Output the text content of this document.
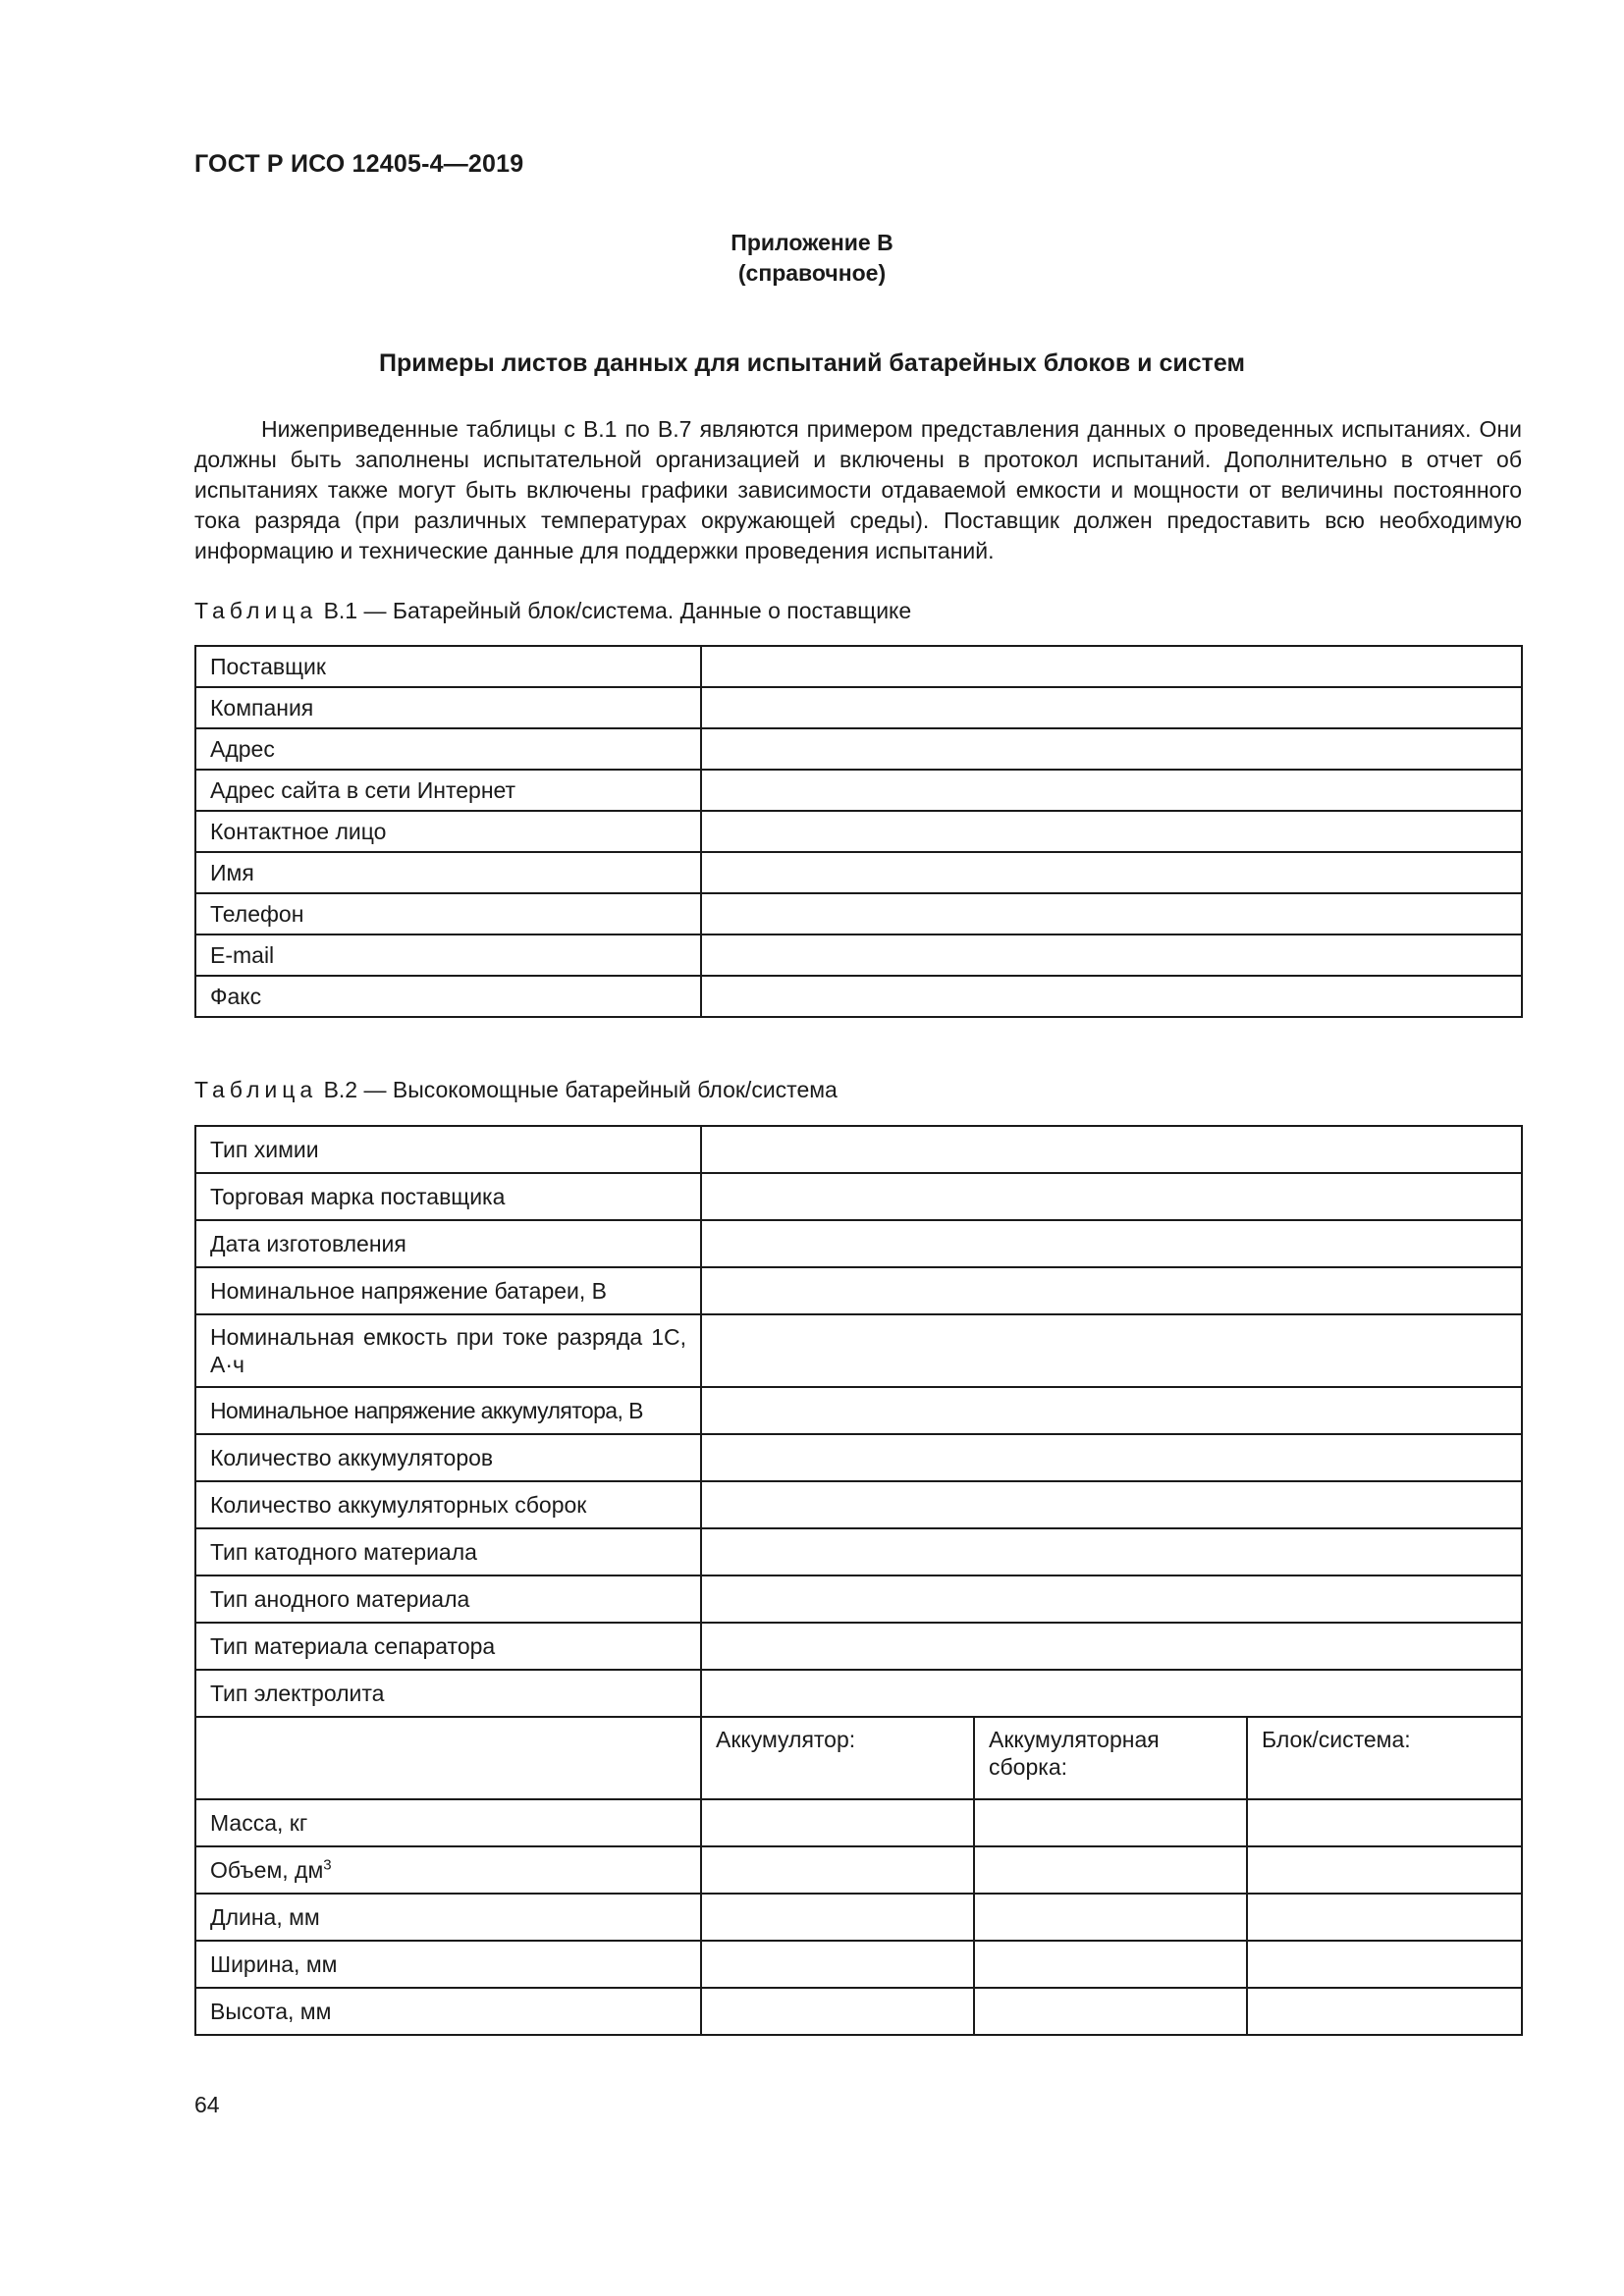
ГОСТ Р ИСО 12405-4—2019
Приложение В
(справочное)
Примеры листов данных для испытаний батарейных блоков и систем

Нижеприведенные таблицы с В.1 по В.7 являются примером представления данных о проведенных испытаниях. Они должны быть заполнены испытательной организацией и включены в протокол испытаний. Дополнительно в отчет об испытаниях также могут быть включены графики зависимости отдаваемой емкости и мощности от величины постоянного тока разряда (при различных температурах окружающей среды). Поставщик должен предоставить всю необходимую информацию и технические данные для поддержки проведения испытаний.

Таблица В.1 — Батарейный блок/система. Данные о поставщике
Поставщик	
Компания	
Адрес	
Адрес сайта в сети Интернет	
Контактное лицо	
Имя	
Телефон	
E-mail	
Факс	
Таблица В.2 — Высокомощные батарейный блок/система
Тип химии			
Торговая марка поставщика			
Дата изготовления			
Номинальное напряжение батареи, В			
Номинальная емкость при токе разряда 1C, А·ч			
Номинальное напряжение аккумулятора, В			
Количество аккумуляторов			
Количество аккумуляторных сборок			
Тип катодного материала			
Тип анодного материала			
Тип материала сепаратора			
Тип электролита			
	Аккумулятор:	Аккумуляторная сборка:	Блок/система:
Масса, кг			
Объем, $дм^3$			
Длина, мм			
Ширина, мм			
Высота, мм			
64
